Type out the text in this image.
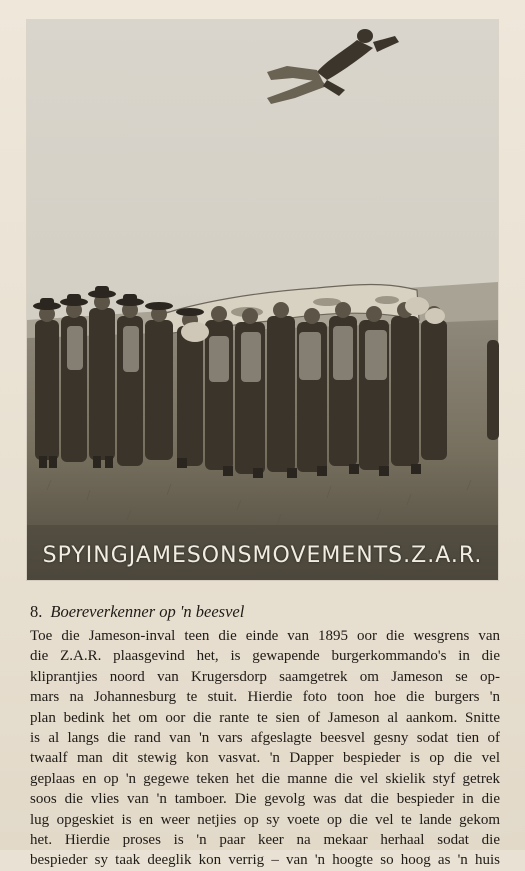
SPYINGJAMESONSMOVEMENTS.Z.A.R.
8. Boereverkenner op 'n beesvel

Toe die Jameson-inval teen die einde van 1895 oor die wesgrens van
die Z.A.R. plaasgevind het, is gewapende burgerkommando's in die
kliprantjies noord van Krugersdorp saamgetrek om Jameson se op-
mars na Johannesburg te stuit. Hierdie foto toon hoe die burgers 'n
plan bedink het om oor die rante te sien of Jameson al aankom. Snitte
is al langs die rand van 'n vars afgeslagte beesvel gesny sodat tien of
twaalf man dit stewig kon vasvat. 'n Dapper bespieder is op die vel
geplaas en op 'n gegewe teken het die manne die vel skielik styf getrek
soos die vlies van 'n tamboer. Die gevolg was dat die bespieder in die
lug opgeskiet is en weer netjies op sy voete op die vel te lande gekom
het. Hierdie proses is 'n paar keer na mekaar herhaal sodat die
bespieder sy taak deeglik kon verrig – van 'n hoogte so hoog as 'n huis
